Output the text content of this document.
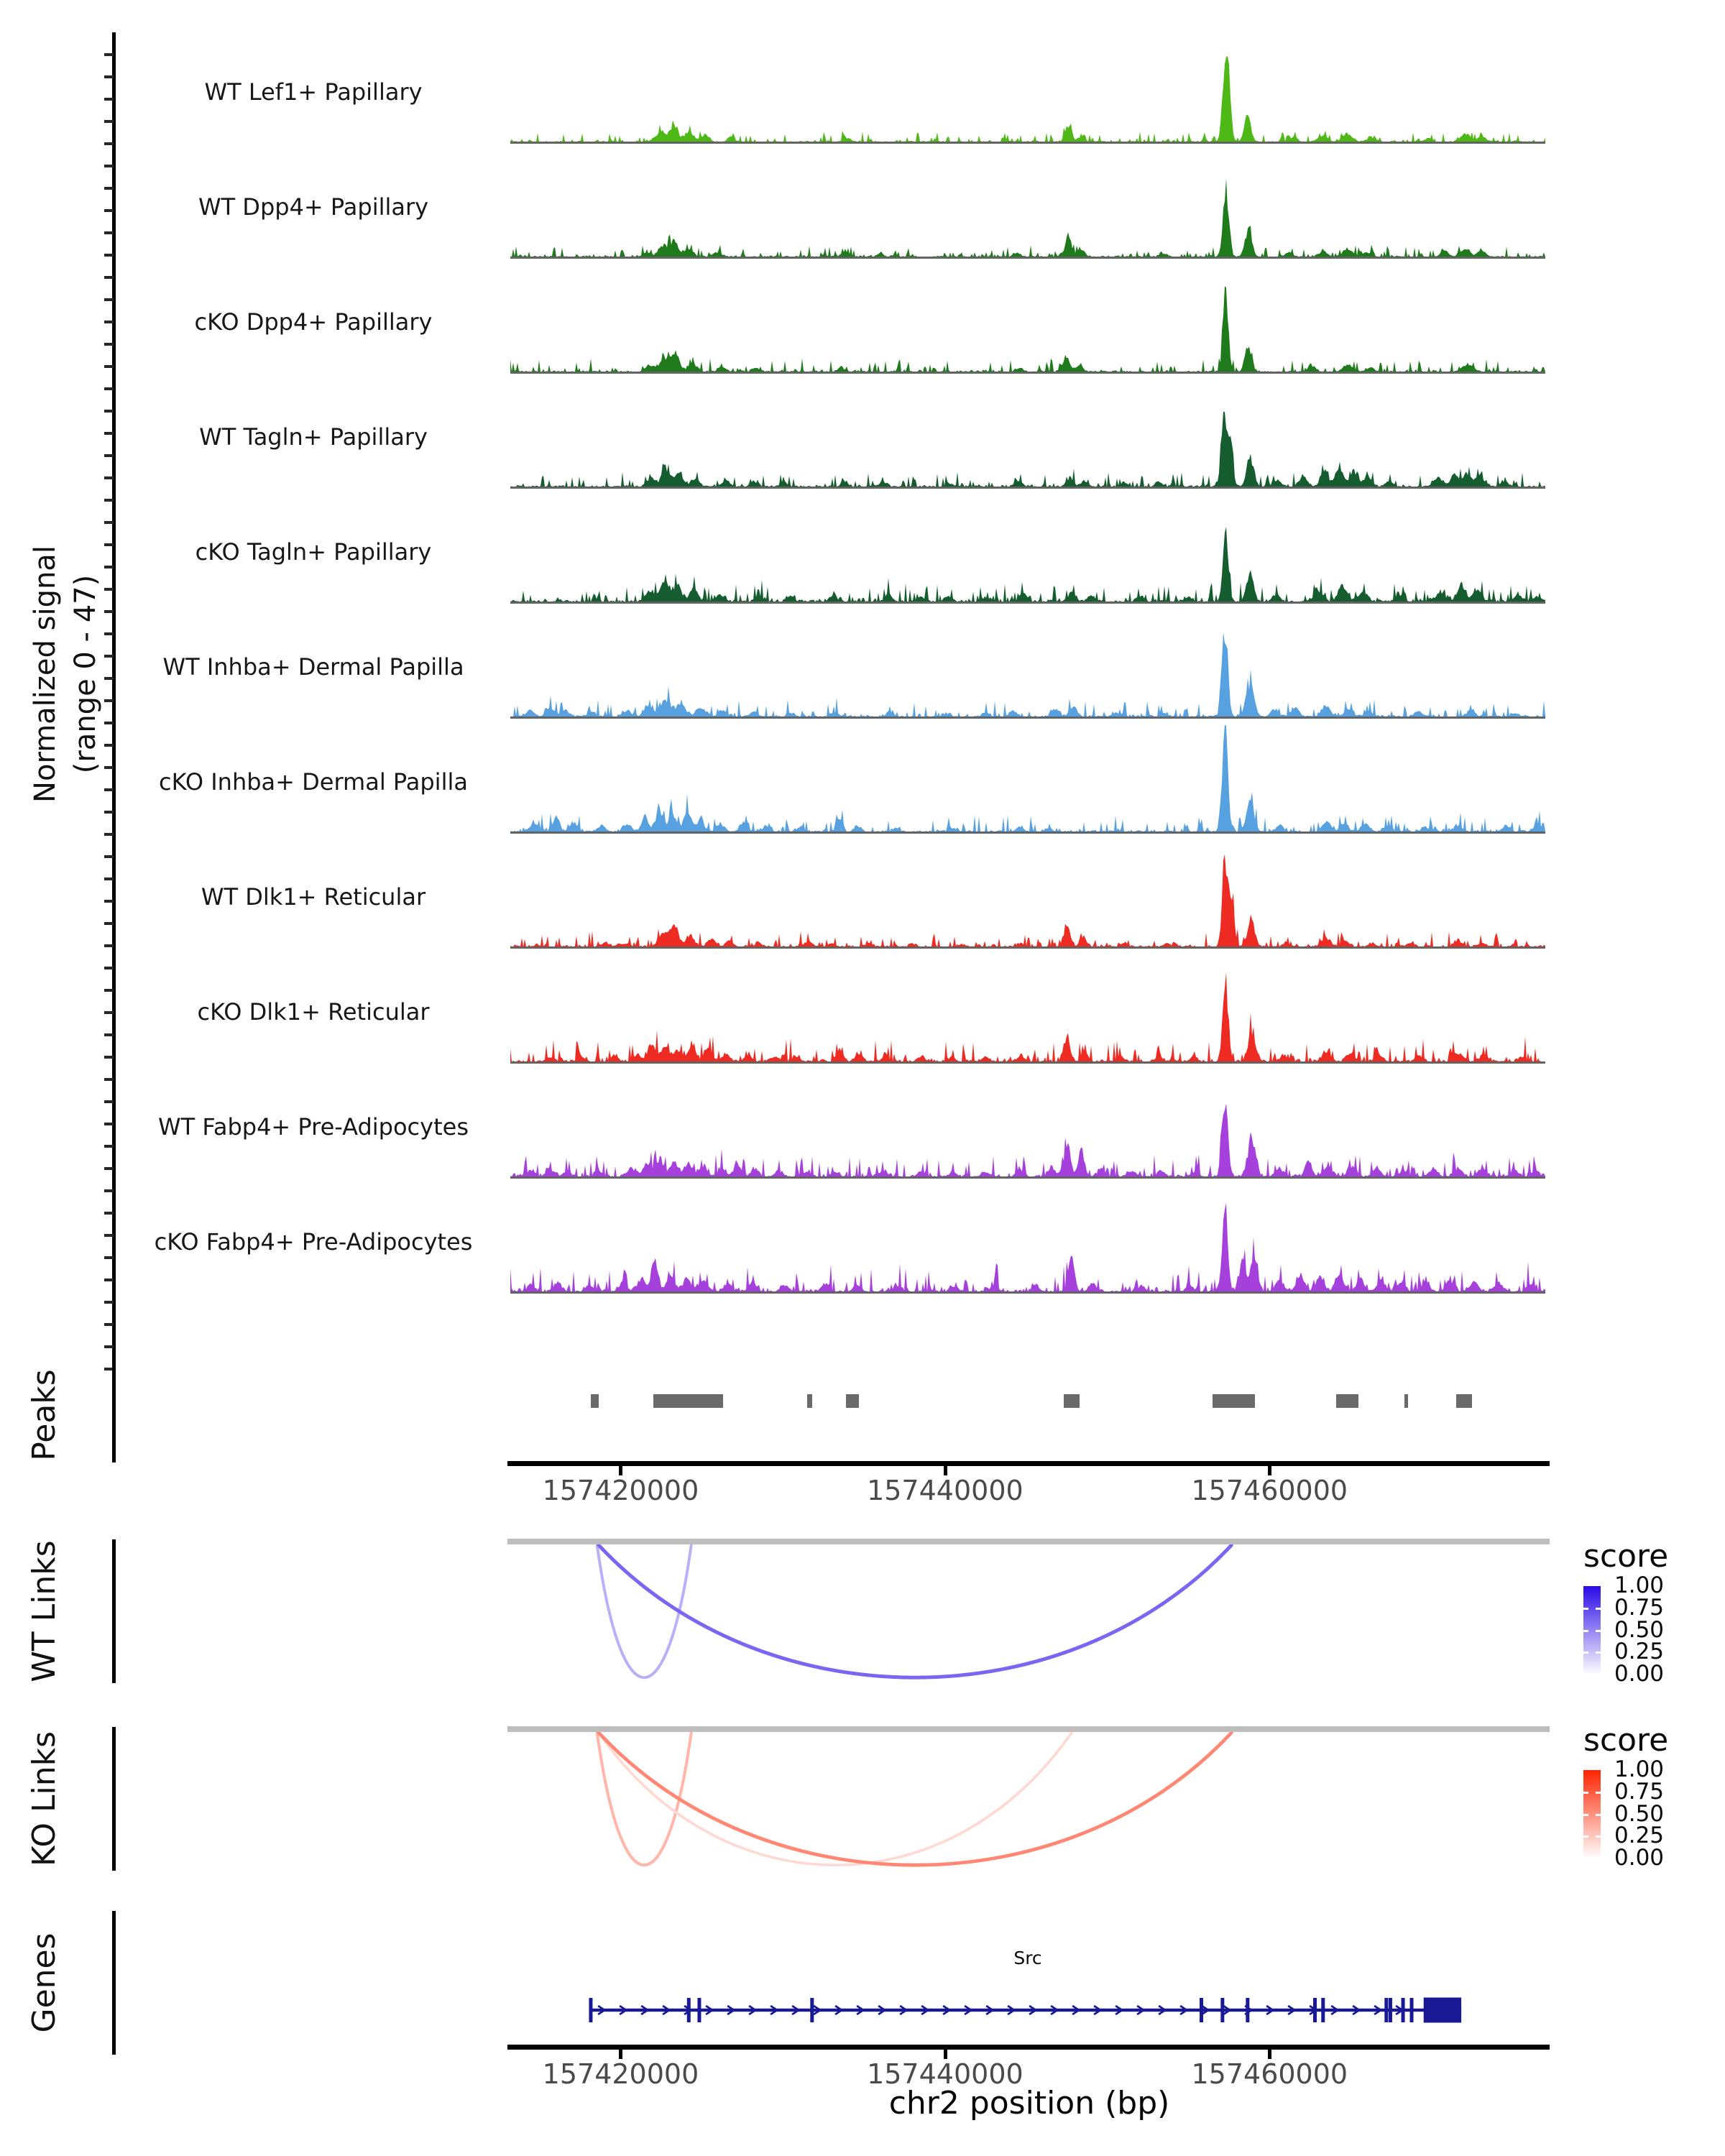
Normalized signal (range 0 - 47)
WT Lef1+ Papillary
WT Dpp4+ Papillary
cKO Dpp4+ Papillary
WT Tagln+ Papillary
cKO Tagln+ Papillary
WT Inhba+ Dermal Papilla
cKO Inhba+ Dermal Papilla
WT Dlk1+ Reticular
cKO Dlk1+ Reticular
WT Fabp4+ Pre-Adipocytes
cKO Fabp4+ Pre-Adipocytes
Peaks
157420000	157440000	157460000
WT Links
KO Links
score
1.00
0.75
0.50
0.25
0.00
score
1.00
0.75
0.50
0.25
0.00
Genes	Src
157420000	157440000	157460000
chr2 position (bp)
